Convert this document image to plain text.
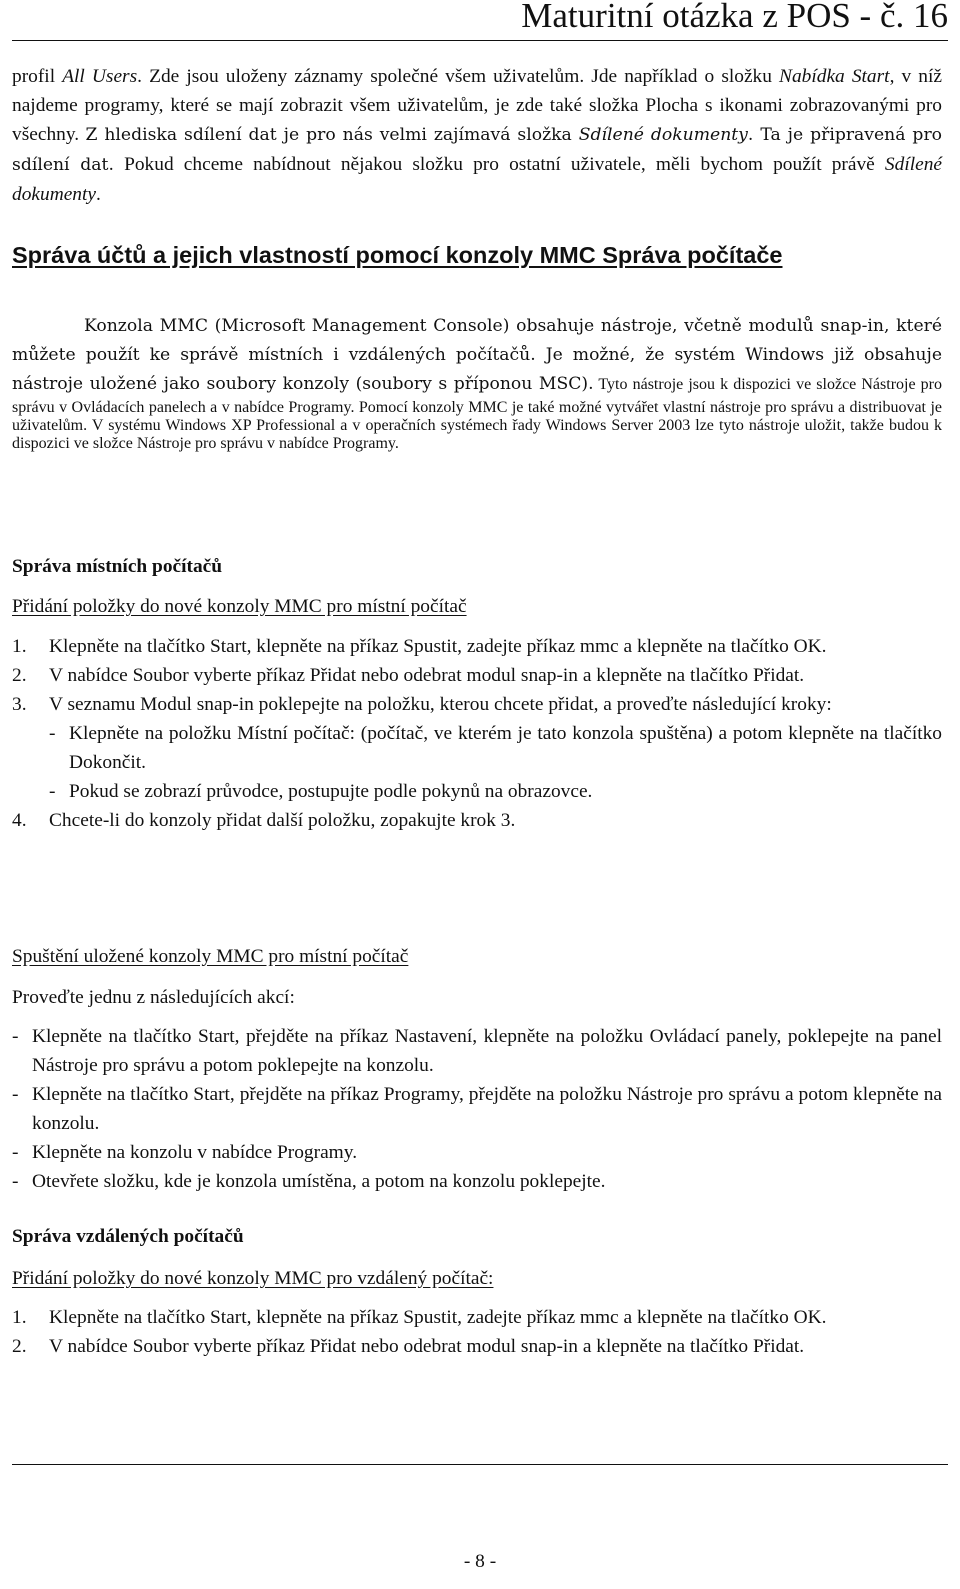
Maturitní otázka z POS - č. 16

profil All Users. Zde jsou uloženy záznamy společné všem uživatelům. Jde například o složku Nabídka Start, v níž najdeme programy, které se mají zobrazit všem uživatelům, je zde také složka Plocha s ikonami zobrazovanými pro všechny. Z hlediska sdílení dat je pro nás velmi zajímavá složka Sdílené dokumenty. Ta je připravená pro sdílení dat. Pokud chceme nabídnout nějakou složku pro ostatní uživatele, měli bychom použít právě Sdílené dokumenty.

Správa účtů a jejich vlastností pomocí konzoly MMC Správa počítače

Konzola MMC (Microsoft Management Console) obsahuje nástroje, včetně modulů snap-in, které můžete použít ke správě místních i vzdálených počítačů. Je možné, že systém Windows již obsahuje nástroje uložené jako soubory konzoly (soubory s příponou MSC). Tyto nástroje jsou k dispozici ve složce Nástroje pro správu v Ovládacích panelech a v nabídce Programy. Pomocí konzoly MMC je také možné vytvářet vlastní nástroje pro správu a distribuovat je uživatelům. V systému Windows XP Professional a v operačních systémech řady Windows Server 2003 lze tyto nástroje uložit, takže budou k dispozici ve složce Nástroje pro správu v nabídce Programy.

Správa místních počítačů
Přidání položky do nové konzoly MMC pro místní počítač
1. Klepněte na tlačítko Start, klepněte na příkaz Spustit, zadejte příkaz mmc a klepněte na tlačítko OK.
2. V nabídce Soubor vyberte příkaz Přidat nebo odebrat modul snap-in a klepněte na tlačítko Přidat.
3. V seznamu Modul snap-in poklepejte na položku, kterou chcete přidat, a proveďte následující kroky:
- Klepněte na položku Místní počítač: (počítač, ve kterém je tato konzola spuštěna) a potom klepněte na tlačítko Dokončit.
- Pokud se zobrazí průvodce, postupujte podle pokynů na obrazovce.
4. Chcete-li do konzoly přidat další položku, zopakujte krok 3.
Spuštění uložené konzoly MMC pro místní počítač
Proveďte jednu z následujících akcí:
- Klepněte na tlačítko Start, přejděte na příkaz Nastavení, klepněte na položku Ovládací panely, poklepejte na panel Nástroje pro správu a potom poklepejte na konzolu.
- Klepněte na tlačítko Start, přejděte na příkaz Programy, přejděte na položku Nástroje pro správu a potom klepněte na konzolu.
- Klepněte na konzolu v nabídce Programy.
- Otevřete složku, kde je konzola umístěna, a potom na konzolu poklepejte.
Správa vzdálených počítačů
Přidání položky do nové konzoly MMC pro vzdálený počítač:
1. Klepněte na tlačítko Start, klepněte na příkaz Spustit, zadejte příkaz mmc a klepněte na tlačítko OK.
2. V nabídce Soubor vyberte příkaz Přidat nebo odebrat modul snap-in a klepněte na tlačítko Přidat.
- 8 -
